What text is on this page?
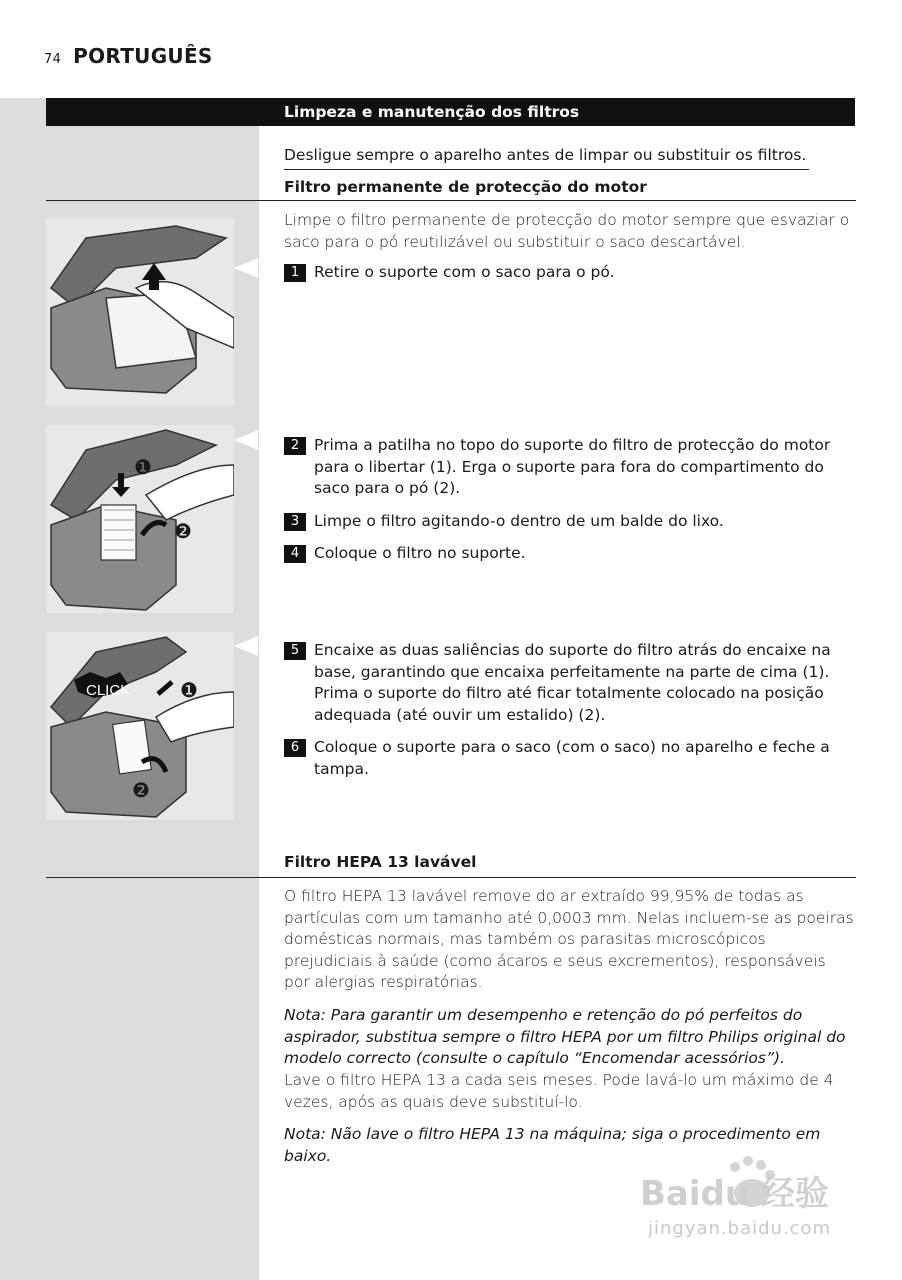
74 PORTUGUÊS
Limpeza e manutenção dos filtros
Desligue sempre o aparelho antes de limpar ou substituir os filtros.
Filtro permanente de protecção do motor
Limpe o filtro permanente de protecção do motor sempre que esvaziar o saco para o pó reutilizável ou substituir o saco descartável.
1 Retire o suporte com o saco para o pó.
❶
❷
2 Prima a patilha no topo do suporte do filtro de protecção do motor para o libertar (1). Erga o suporte para fora do compartimento do saco para o pó (2).
3 Limpe o filtro agitando-o dentro de um balde do lixo.
4 Coloque o filtro no suporte.
CLICK ❶
❷
5 Encaixe as duas saliências do suporte do filtro atrás do encaixe na base, garantindo que encaixa perfeitamente na parte de cima (1). Prima o suporte do filtro até ficar totalmente colocado na posição adequada (até ouvir um estalido) (2).
6 Coloque o suporte para o saco (com o saco) no aparelho e feche a tampa.
Filtro HEPA 13 lavável
O filtro HEPA 13 lavável remove do ar extraído 99,95% de todas as partículas com um tamanho até 0,0003 mm. Nelas incluem-se as poeiras domésticas normais, mas também os parasitas microscópicos prejudiciais à saúde (como ácaros e seus excrementos), responsáveis por alergias respiratórias.
Nota: Para garantir um desempenho e retenção do pó perfeitos do aspirador, substitua sempre o filtro HEPA por um filtro Philips original do modelo correcto (consulte o capítulo “Encomendar acessórios”).
Lave o filtro HEPA 13 a cada seis meses. Pode lavá-lo um máximo de 4 vezes, após as quais deve substituí-lo.
Nota: Não lave o filtro HEPA 13 na máquina; siga o procedimento em baixo.
Baidu 经验
jingyan.baidu.com
